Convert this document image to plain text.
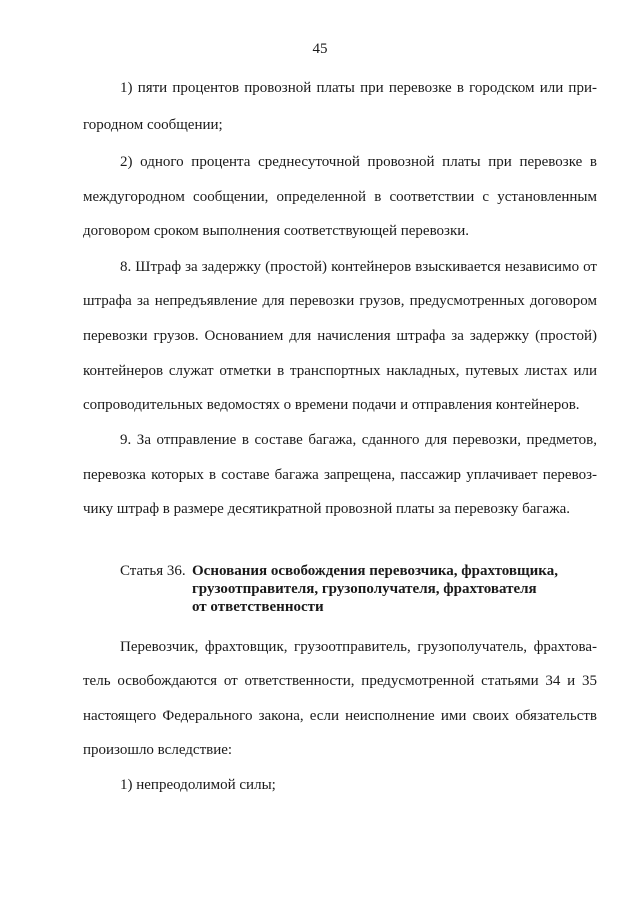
45
1) пяти процентов провозной платы при перевозке в городском или при-
городном сообщении;
2) одного процента среднесуточной провозной платы при перевозке в
междугородном сообщении, определенной в соответствии с установленным
договором сроком выполнения соответствующей перевозки.
8. Штраф за задержку (простой) контейнеров взыскивается независимо от
штрафа за непредъявление для перевозки грузов, предусмотренных договором
перевозки грузов. Основанием для начисления штрафа за задержку (простой)
контейнеров служат отметки в транспортных накладных, путевых листах или
сопроводительных ведомостях о времени подачи и отправления контейнеров.
9. За отправление в составе багажа, сданного для перевозки, предметов,
перевозка которых в составе багажа запрещена, пассажир уплачивает перевоз-
чику штраф в размере десятикратной провозной платы за перевозку багажа.
Статья 36. Основания освобождения перевозчика, фрахтовщика,
грузоотправителя, грузополучателя, фрахтователя
от ответственности
Перевозчик, фрахтовщик, грузоотправитель, грузополучатель, фрахтова-
тель освобождаются от ответственности, предусмотренной статьями 34 и 35
настоящего Федерального закона, если неисполнение ими своих обязательств
произошло вследствие:
1) непреодолимой силы;
